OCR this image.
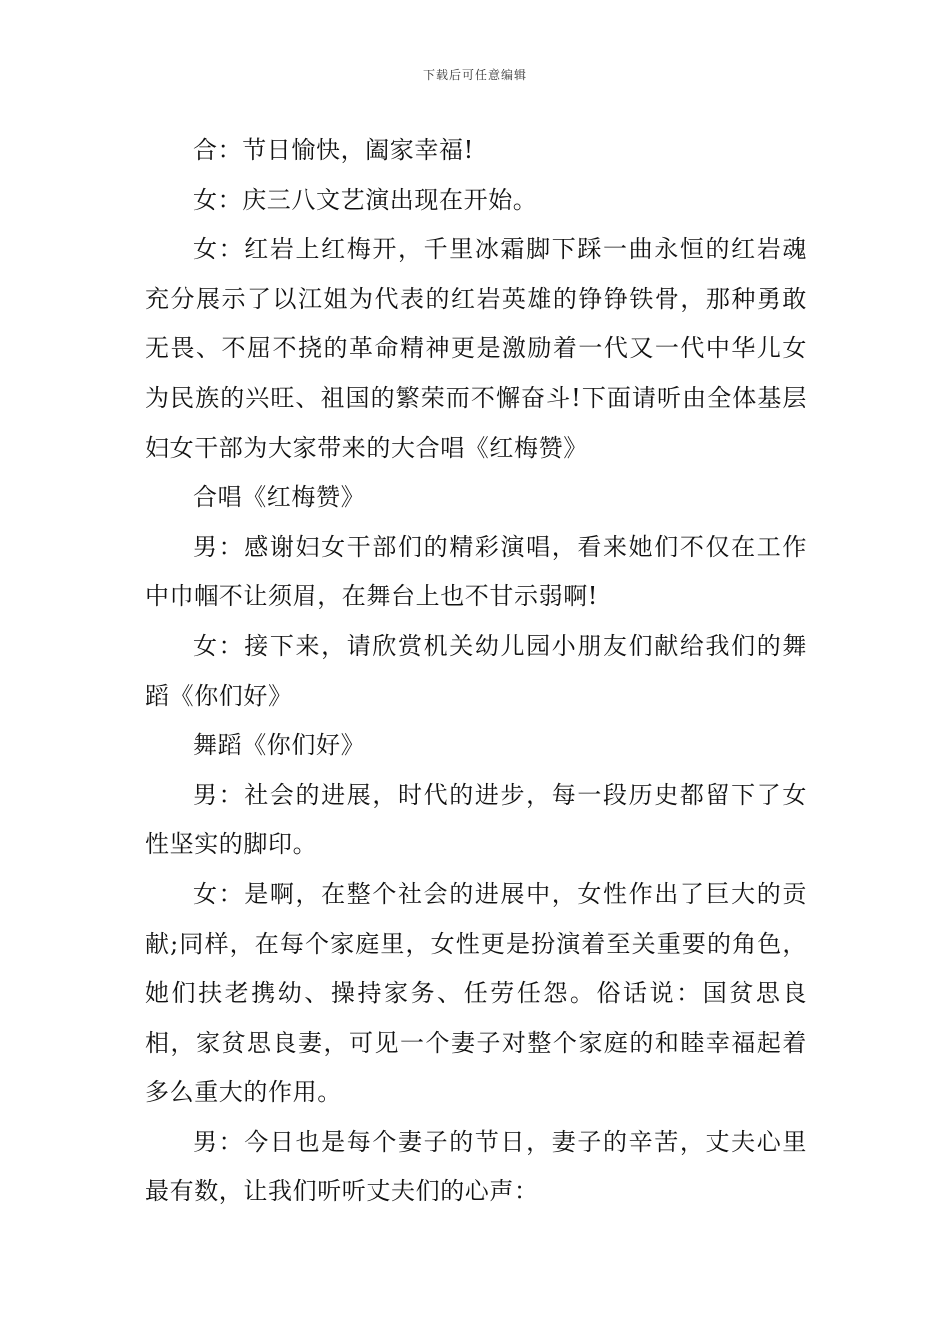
下载后可任意编辑

合：节日愉快，阖家幸福!

女：庆三八文艺演出现在开始。

女：红岩上红梅开，千里冰霜脚下踩一曲永恒的红岩魂充分展示了以江姐为代表的红岩英雄的铮铮铁骨，那种勇敢无畏、不屈不挠的革命精神更是激励着一代又一代中华儿女为民族的兴旺、祖国的繁荣而不懈奋斗!下面请听由全体基层妇女干部为大家带来的大合唱《红梅赞》

合唱《红梅赞》

男：感谢妇女干部们的精彩演唱，看来她们不仅在工作中巾帼不让须眉，在舞台上也不甘示弱啊!

女：接下来，请欣赏机关幼儿园小朋友们献给我们的舞蹈《你们好》

舞蹈《你们好》

男：社会的进展，时代的进步，每一段历史都留下了女性坚实的脚印。

女：是啊，在整个社会的进展中，女性作出了巨大的贡献;同样，在每个家庭里，女性更是扮演着至关重要的角色，她们扶老携幼、操持家务、任劳任怨。俗话说：国贫思良相，家贫思良妻，可见一个妻子对整个家庭的和睦幸福起着多么重大的作用。

男：今日也是每个妻子的节日，妻子的辛苦，丈夫心里最有数，让我们听听丈夫们的心声：
